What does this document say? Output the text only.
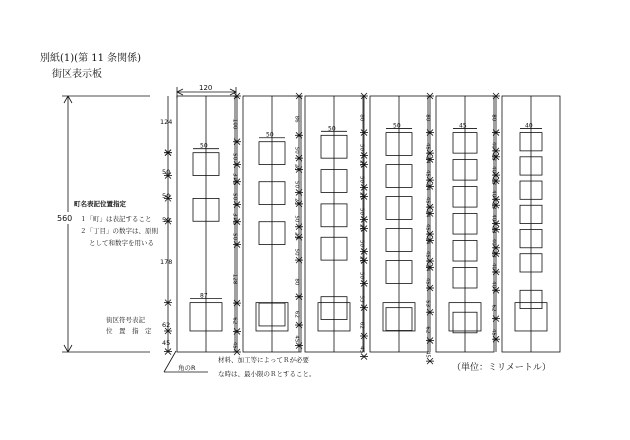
別紙(1)(第 11 条関係)
街区表示板
560
120
124
50
50
50
178
62
45
50
87
100
50
37.5
50
37.5
50
128
62
45
50
86
50
25
50
25
50
23
50
80
62
45
50
80
50
20
50
20
50
20
50
20
50
53
62
45
50
80
45
14
45
14
45
14
45
14
45
14
45
53
62
45
45
80
40
13
40
13
40
13
40
13
40
13
40
40
62
45
40
町名表記位置指定
１「町」は表記すること
２「丁目」の数字は、原則
として和数字を用いる
街区符号表記
位　置　指　定
角のR
材料、加工等によってＲが必要
な時は、最小限のＲとすること。
（単位：ミリメートル）
